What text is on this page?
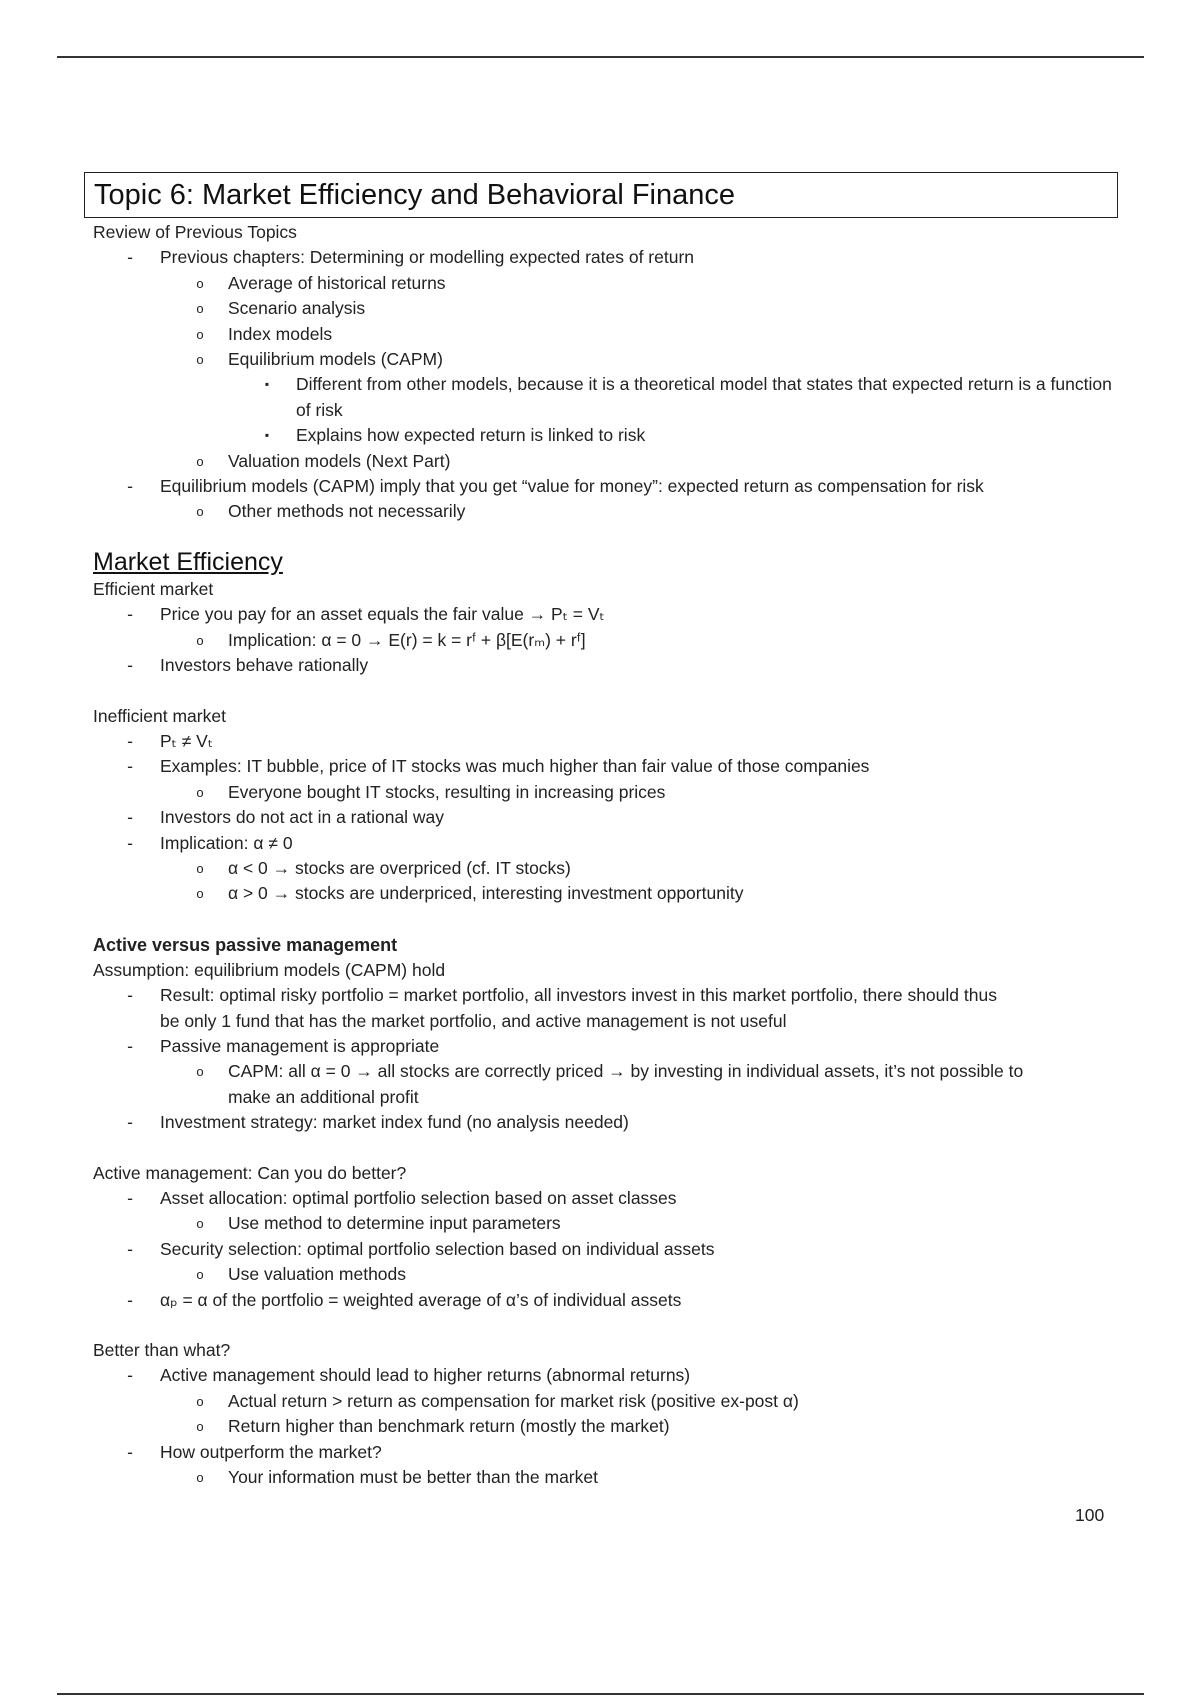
Topic 6: Market Efficiency and Behavioral Finance
Review of Previous Topics
-	Previous chapters: Determining or modelling expected rates of return
o	Average of historical returns
o	Scenario analysis
o	Index models
o	Equilibrium models (CAPM)
▪	Different from other models, because it is a theoretical model that states that expected return is a function of risk
▪	Explains how expected return is linked to risk
o	Valuation models (Next Part)
-	Equilibrium models (CAPM) imply that you get “value for money”: expected return as compensation for risk
o	Other methods not necessarily
Market Efficiency
Efficient market
-	Price you pay for an asset equals the fair value → Pₜ = Vₜ
o	Implication: α = 0 → E(r) = k = rᶠ + β[E(rₘ) + rᶠ]
-	Investors behave rationally
Inefficient market
-	Pₜ ≠ Vₜ
-	Examples: IT bubble, price of IT stocks was much higher than fair value of those companies
o	Everyone bought IT stocks, resulting in increasing prices
-	Investors do not act in a rational way
-	Implication: α ≠ 0
o	α < 0 → stocks are overpriced (cf. IT stocks)
o	α > 0 → stocks are underpriced, interesting investment opportunity
Active versus passive management
Assumption: equilibrium models (CAPM) hold
-	Result: optimal risky portfolio = market portfolio, all investors invest in this market portfolio, there should thus
be only 1 fund that has the market portfolio, and active management is not useful
-	Passive management is appropriate
o	CAPM: all α = 0 → all stocks are correctly priced → by investing in individual assets, it’s not possible to
make an additional profit
-	Investment strategy: market index fund (no analysis needed)
Active management: Can you do better?
-	Asset allocation: optimal portfolio selection based on asset classes
o	Use method to determine input parameters
-	Security selection: optimal portfolio selection based on individual assets
o	Use valuation methods
-	αₚ = α of the portfolio = weighted average of α’s of individual assets
Better than what?
-	Active management should lead to higher returns (abnormal returns)
o	Actual return > return as compensation for market risk (positive ex-post α)
o	Return higher than benchmark return (mostly the market)
-	How outperform the market?
o	Your information must be better than the market
100
